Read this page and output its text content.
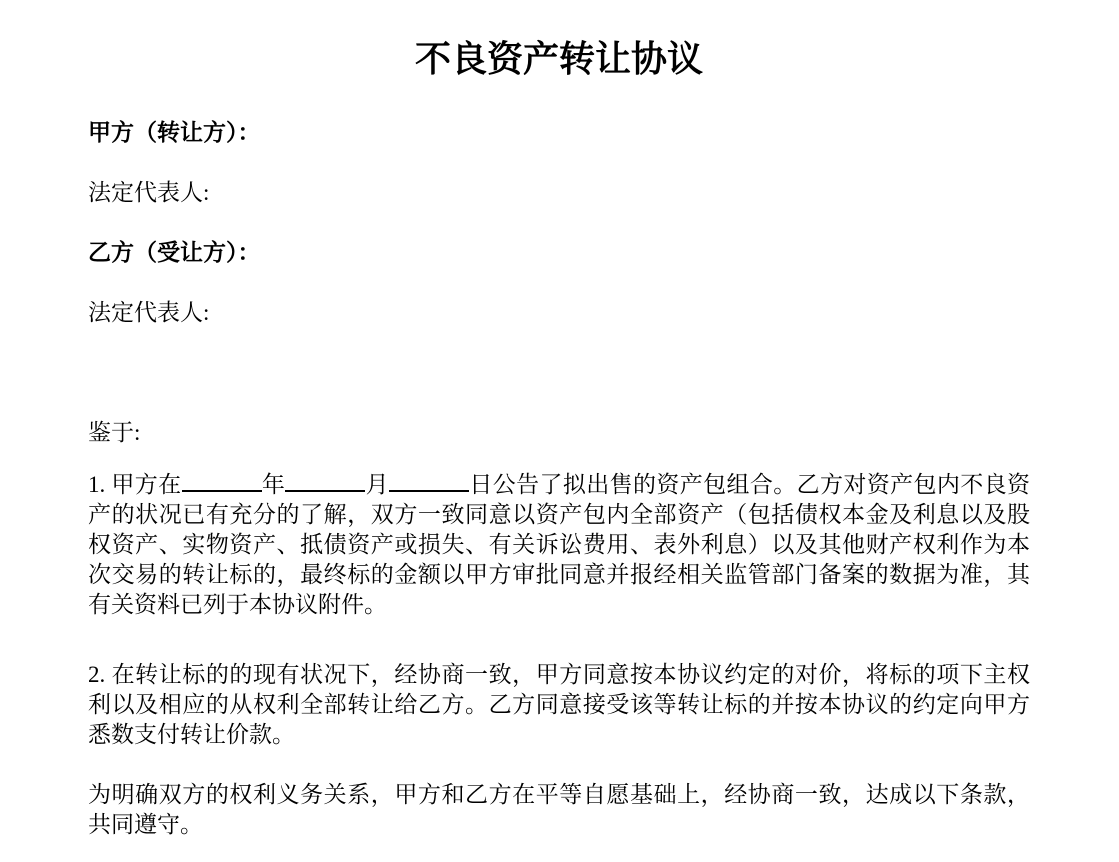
不良资产转让协议
甲方（转让方）：
法定代表人:
乙方（受让方）：
法定代表人:
鉴于:

1. 甲方在	年	月	日公告了拟出售的资产包组合。乙方对资产包内不良资产的状况已有充分的了解，双方一致同意以资产包内全部资产（包括债权本金及利息以及股权资产、实物资产、抵债资产或损失、有关诉讼费用、表外利息）以及其他财产权利作为本次交易的转让标的，最终标的金额以甲方审批同意并报经相关监管部门备案的数据为准，其有关资料已列于本协议附件。

2. 在转让标的的现有状况下，经协商一致，甲方同意按本协议约定的对价，将标的项下主权利以及相应的从权利全部转让给乙方。乙方同意接受该等转让标的并按本协议的约定向甲方悉数支付转让价款。

为明确双方的权利义务关系，甲方和乙方在平等自愿基础上，经协商一致，达成以下条款，共同遵守。
